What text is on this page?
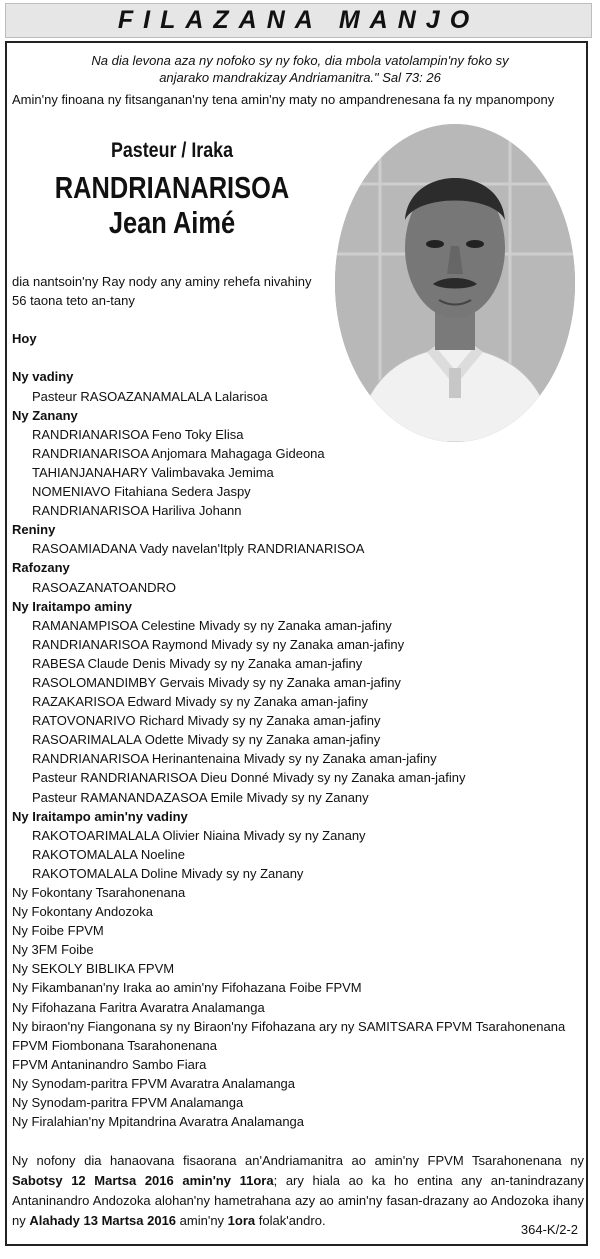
FILAZANA MANJO
Na dia levona aza ny nofoko sy ny foko, dia mbola vatolampin'ny foko sy
anjarako mandrakizay Andriamanitra." Sal 73: 26
Amin'ny finoana ny fitsanganan'ny tena amin'ny maty no ampandrenesana fa ny mpanompony
Pasteur / Iraka
RANDRIANARISOA
Jean Aimé
dia nantsoin'ny Ray nody any aminy rehefa nivahiny
56 taona teto an-tany
Hoy
Ny vadiny
Pasteur RASOAZANAMALALA Lalarisoa
Ny Zanany
RANDRIANARISOA Feno Toky Elisa
RANDRIANARISOA Anjomara Mahagaga Gideona
TAHIANJANAHARY Valimbavaka Jemima
NOMENIAVO Fitahiana Sedera Jaspy
RANDRIANARISOA Hariliva Johann
Reniny
RASOAMIADANA Vady navelan'Itply RANDRIANARISOA
Rafozany
RASOAZANATOANDRO
Ny Iraitampo aminy
RAMANAMPISOA Celestine Mivady sy ny Zanaka aman-jafiny
RANDRIANARISOA Raymond Mivady sy ny Zanaka aman-jafiny
RABESA Claude Denis Mivady sy ny Zanaka aman-jafiny
RASOLOMANDIMBY Gervais Mivady sy ny Zanaka aman-jafiny
RAZAKARISOA Edward Mivady sy ny Zanaka aman-jafiny
RATOVONARIVO Richard Mivady sy ny Zanaka aman-jafiny
RASOARIMALALA Odette Mivady sy ny Zanaka aman-jafiny
RANDRIANARISOA Herinantenaina Mivady sy ny Zanaka aman-jafiny
Pasteur RANDRIANARISOA Dieu Donné Mivady sy ny Zanaka aman-jafiny
Pasteur RAMANANDAZASOA Emile Mivady sy ny Zanany
Ny Iraitampo amin'ny vadiny
RAKOTOARIMALALA Olivier Niaina Mivady sy ny Zanany
RAKOTOMALALA Noeline
RAKOTOMALALA Doline Mivady sy ny Zanany
Ny Fokontany Tsarahonenana
Ny Fokontany Andozoka
Ny Foibe FPVM
Ny 3FM Foibe
Ny SEKOLY BIBLIKA FPVM
Ny Fikambanan'ny Iraka ao amin'ny Fifohazana Foibe FPVM
Ny Fifohazana Faritra Avaratra Analamanga
Ny biraon'ny Fiangonana sy ny Biraon'ny Fifohazana ary ny SAMITSARA FPVM Tsarahonenana
FPVM Fiombonana Tsarahonenana
FPVM Antaninandro Sambo Fiara
Ny Synodam-paritra FPVM Avaratra Analamanga
Ny Synodam-paritra FPVM Analamanga
Ny Firalahian'ny Mpitandrina Avaratra Analamanga
Ny nofony dia hanaovana fisaorana an'Andriamanitra ao amin'ny FPVM Tsarahonenana ny Sabotsy 12 Martsa 2016 amin'ny 11ora; ary hiala ao ka ho entina any an-tanindrazany Antaninandro Andozoka alohan'ny hametrahana azy ao amin'ny fasan-drazany ao Andozoka ihany ny Alahady 13 Martsa 2016 amin'ny 1ora folak'andro.
364-K/2-2
